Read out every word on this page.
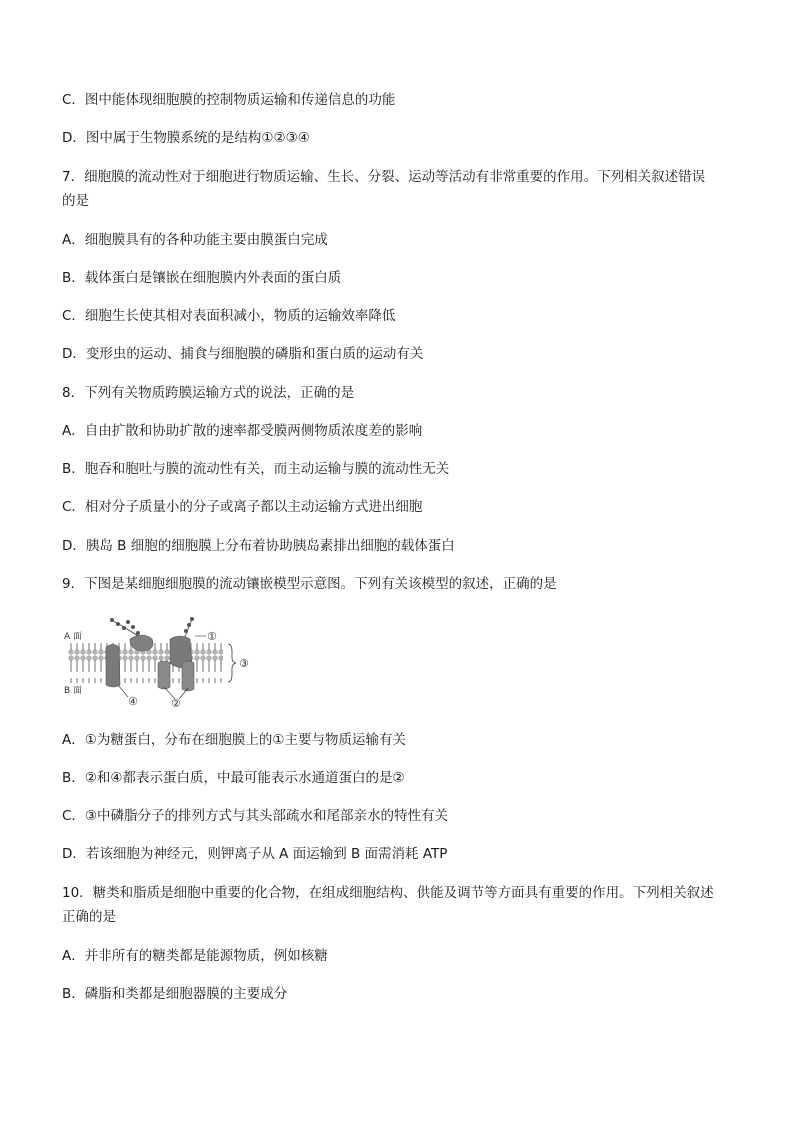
C．图中能体现细胞膜的控制物质运输和传递信息的功能
D．图中属于生物膜系统的是结构①②③④
7．细胞膜的流动性对于细胞进行物质运输、生长、分裂、运动等活动有非常重要的作用。下列相关叙述错误
的是
A．细胞膜具有的各种功能主要由膜蛋白完成
B．载体蛋白是镶嵌在细胞膜内外表面的蛋白质
C．细胞生长使其相对表面积减小，物质的运输效率降低
D．变形虫的运动、捕食与细胞膜的磷脂和蛋白质的运动有关
8．下列有关物质跨膜运输方式的说法，正确的是
A．自由扩散和协助扩散的速率都受膜两侧物质浓度差的影响
B．胞吞和胞吐与膜的流动性有关，而主动运输与膜的流动性无关
C．相对分子质量小的分子或离子都以主动运输方式进出细胞
D．胰岛 B 细胞的细胞膜上分布着协助胰岛素排出细胞的载体蛋白
9．下图是某细胞细胞膜的流动镶嵌模型示意图。下列有关该模型的叙述，正确的是
A 面
B 面
①
③
④	②
A．①为糖蛋白，分布在细胞膜上的①主要与物质运输有关
B．②和④都表示蛋白质，中最可能表示水通道蛋白的是②
C．③中磷脂分子的排列方式与其头部疏水和尾部亲水的特性有关
D．若该细胞为神经元，则钾离子从 A 面运输到 B 面需消耗 ATP
10．糖类和脂质是细胞中重要的化合物，在组成细胞结构、供能及调节等方面具有重要的作用。下列相关叙述
正确的是
A．并非所有的糖类都是能源物质，例如核糖
B．磷脂和类都是细胞器膜的主要成分
